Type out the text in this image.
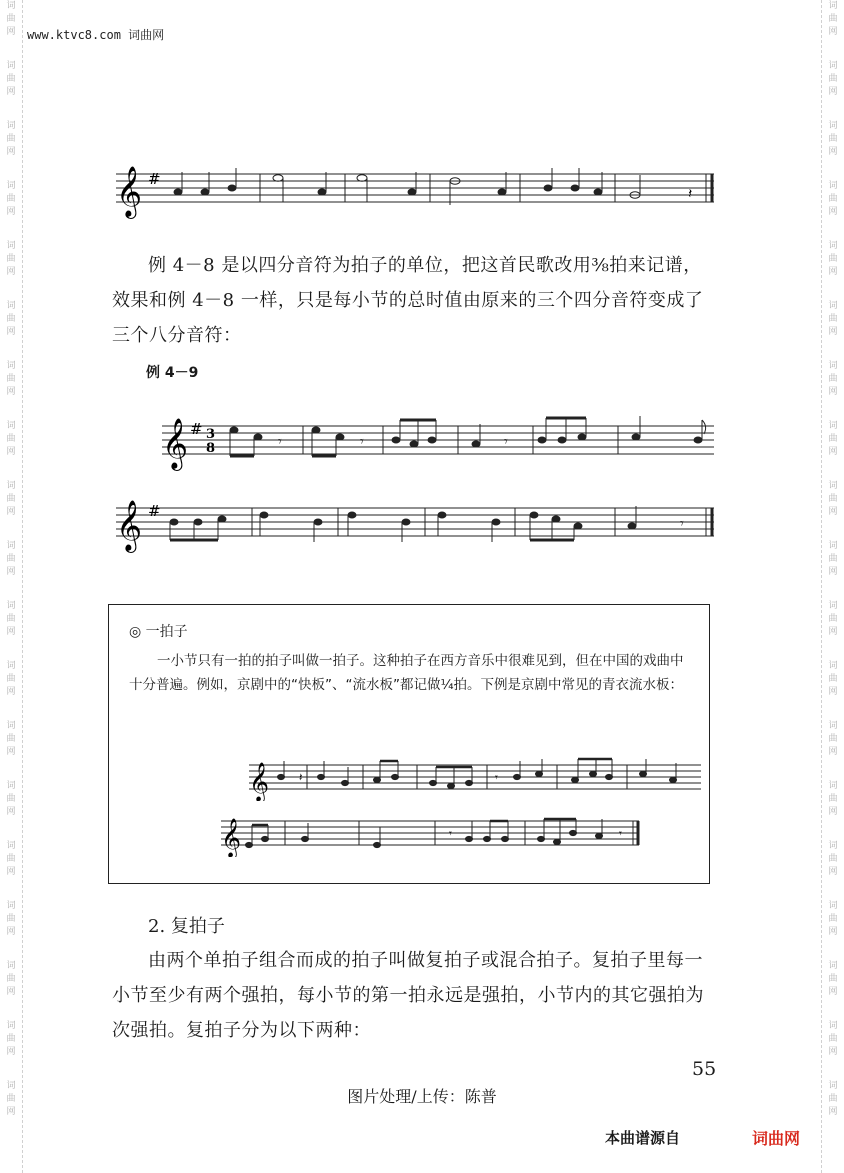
词
曲
网
词
曲
网
词
曲
网
词
曲
网
词
曲
网
词
曲
网
词
曲
网
词
曲
网
词
曲
网
词
曲
网
词
曲
网
词
曲
网
词
曲
网
词
曲
网
词
曲
网
词
曲
网
词
曲
网
词
曲
网
词
曲
网
词
曲
网
词
曲
网
词
曲
网
词
曲
网
词
曲
网
词
曲
网
词
曲
网
词
曲
网
词
曲
网
词
曲
网
词
曲
网
词
曲
网
词
曲
网
词
曲
网
词
曲
网
词
曲
网
词
曲
网
词
曲
网
词
曲
网
www.ktvc8.com 词曲网
𝄞 #
𝄽

例 4－8 是以四分音符为拍子的单位，把这首民歌改用⅜拍来记谱，效果和例 4－8 一样，只是每小节的总时值由原来的三个四分音符变成了三个八分音符：

例 4－9
𝄞 # 3
8	𝄾	𝄾	𝄾
𝄞 #
𝄾
◎ 一拍子

一小节只有一拍的拍子叫做一拍子。这种拍子在西方音乐中很难见到，但在中国的戏曲中十分普遍。例如，京剧中的“快板”、“流水板”都记做¼拍。下例是京剧中常见的青衣流水板：

𝄞	𝄽	𝄾
𝄞	𝄾	𝄾
2. 复拍子

由两个单拍子组合而成的拍子叫做复拍子或混合拍子。复拍子里每一小节至少有两个强拍，每小节的第一拍永远是强拍，小节内的其它强拍为次强拍。复拍子分为以下两种：

55
图片处理/上传：陈普
本曲谱源自	词曲网
